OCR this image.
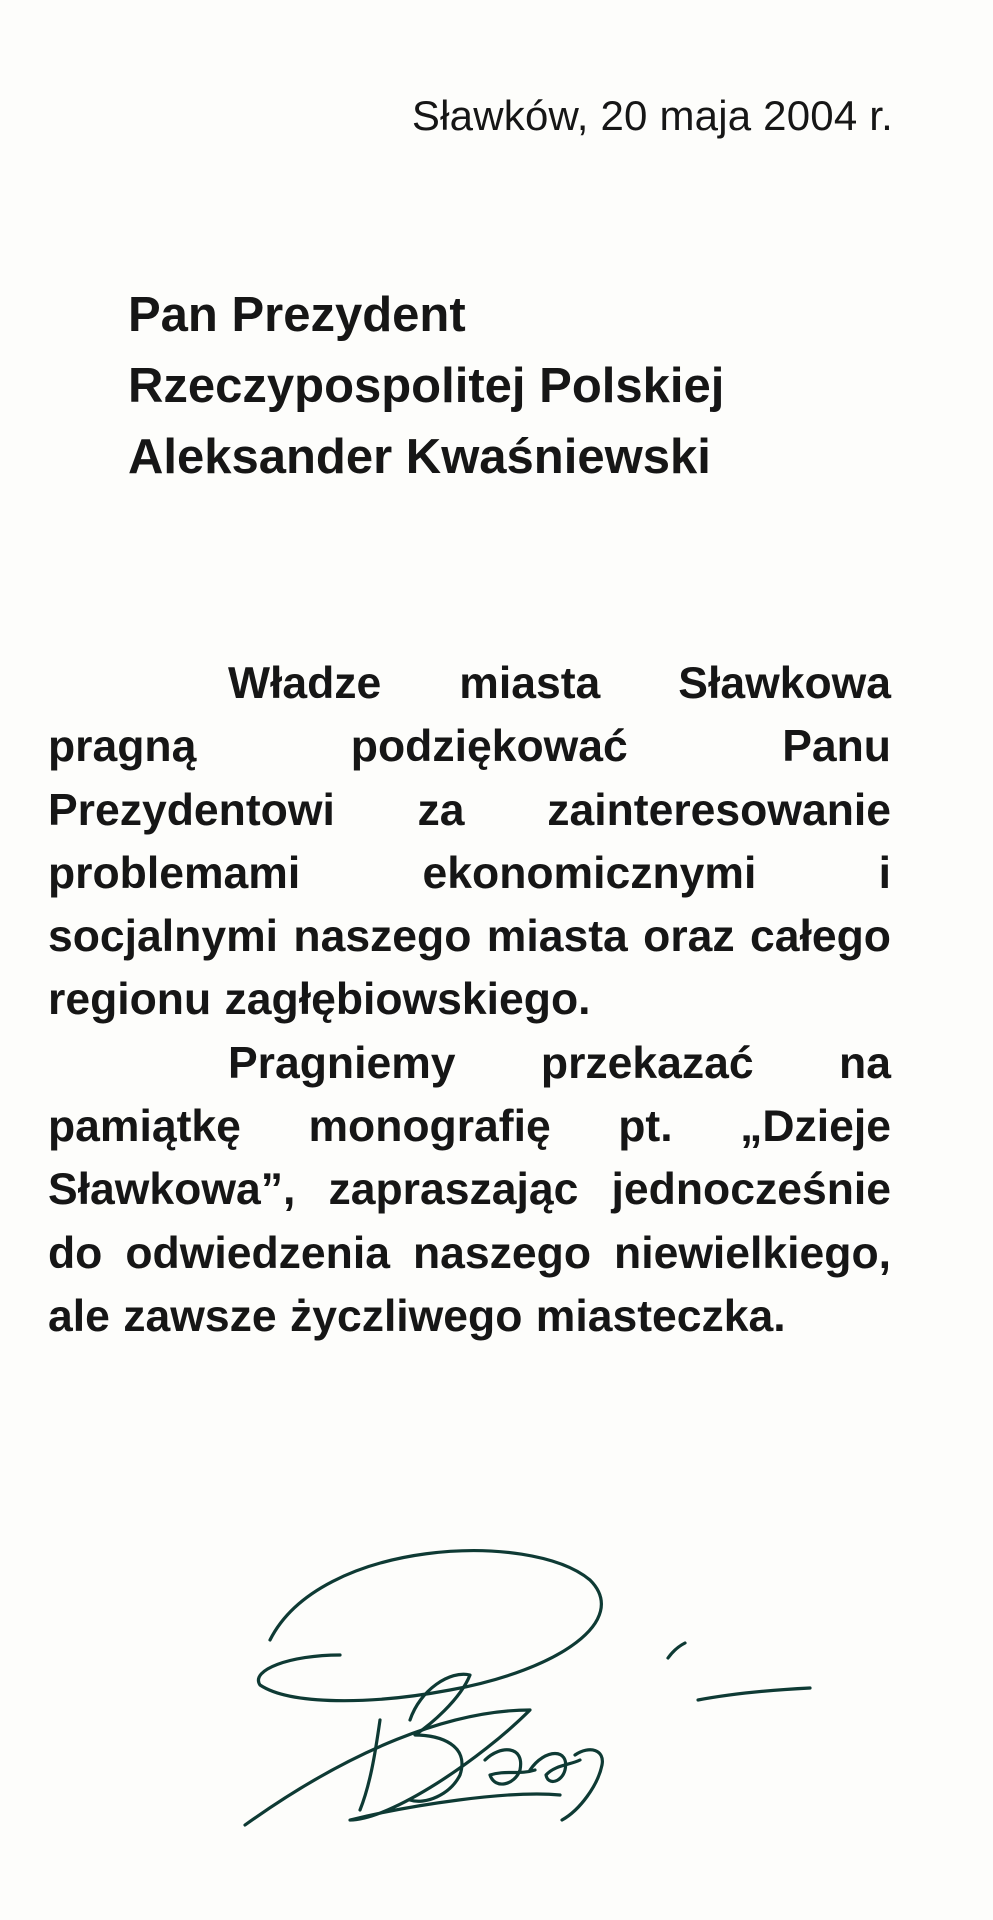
Sławków, 20 maja 2004 r.
Pan Prezydent
Rzeczypospolitej Polskiej
Aleksander Kwaśniewski

Władze miasta Sławkowa pragną podziękować Panu Prezydentowi za zainteresowanie problemami ekonomicznymi i socjalnymi naszego miasta oraz całego regionu zagłębiowskiego.

Pragniemy przekazać na pamiątkę monografię pt. „Dzieje Sławkowa”, zapraszając jednocześnie do odwiedzenia naszego niewielkiego, ale zawsze życzliwego miasteczka.
